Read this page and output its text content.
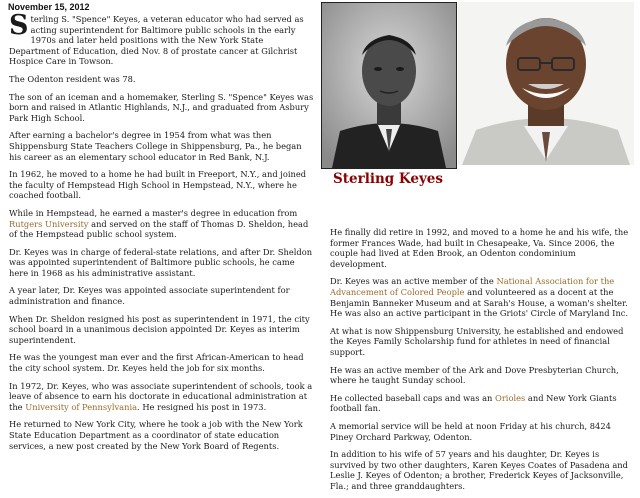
November 15, 2012

Sterling S. "Spence" Keyes, a veteran educator who had served as acting superintendent for Baltimore public schools in the early 1970s and later held positions with the New York State Department of Education, died Nov. 8 of prostate cancer at Gilchrist Hospice Care in Towson.

The Odenton resident was 78.

The son of an iceman and a homemaker, Sterling S. "Spence" Keyes was born and raised in Atlantic Highlands, N.J., and graduated from Asbury Park High School.

After earning a bachelor's degree in 1954 from what was then Shippensburg State Teachers College in Shippensburg, Pa., he began his career as an elementary school educator in Red Bank, N.J.

In 1962, he moved to a home he had built in Freeport, N.Y., and joined the faculty of Hempstead High School in Hempstead, N.Y., where he coached football.

While in Hempstead, he earned a master's degree in education from Rutgers University and served on the staff of Thomas D. Sheldon, head of the Hempstead public school system.

Dr. Keyes was in charge of federal-state relations, and after Dr. Sheldon was appointed superintendent of Baltimore public schools, he came here in 1968 as his administrative assistant.

A year later, Dr. Keyes was appointed associate superintendent for administration and finance.

When Dr. Sheldon resigned his post as superintendent in 1971, the city school board in a unanimous decision appointed Dr. Keyes as interim superintendent.

He was the youngest man ever and the first African-American to head the city school system. Dr. Keyes held the job for six months.

In 1972, Dr. Keyes, who was associate superintendent of schools, took a leave of absence to earn his doctorate in educational administration at the University of Pennsylvania. He resigned his post in 1973.

He returned to New York City, where he took a job with the New York State Education Department as a coordinator of state education services, a new post created by the New York Board of Regents.

Sterling Keyes

He finally did retire in 1992, and moved to a home he and his wife, the former Frances Wade, had built in Chesapeake, Va. Since 2006, the couple had lived at Eden Brook, an Odenton condominium development.

Dr. Keyes was an active member of the National Association for the Advancement of Colored People and volunteered as a docent at the Benjamin Banneker Museum and at Sarah's House, a woman's shelter. He was also an active participant in the Griots' Circle of Maryland Inc.

At what is now Shippensburg University, he established and endowed the Keyes Family Scholarship fund for athletes in need of financial support.

He was an active member of the Ark and Dove Presbyterian Church, where he taught Sunday school.

He collected baseball caps and was an Orioles and New York Giants football fan.

A memorial service will be held at noon Friday at his church, 8424 Piney Orchard Parkway, Odenton.

In addition to his wife of 57 years and his daughter, Dr. Keyes is survived by two other daughters, Karen Keyes Coates of Pasadena and Leslie J. Keyes of Odenton; a brother, Frederick Keyes of Jacksonville, Fla.; and three granddaughters.
